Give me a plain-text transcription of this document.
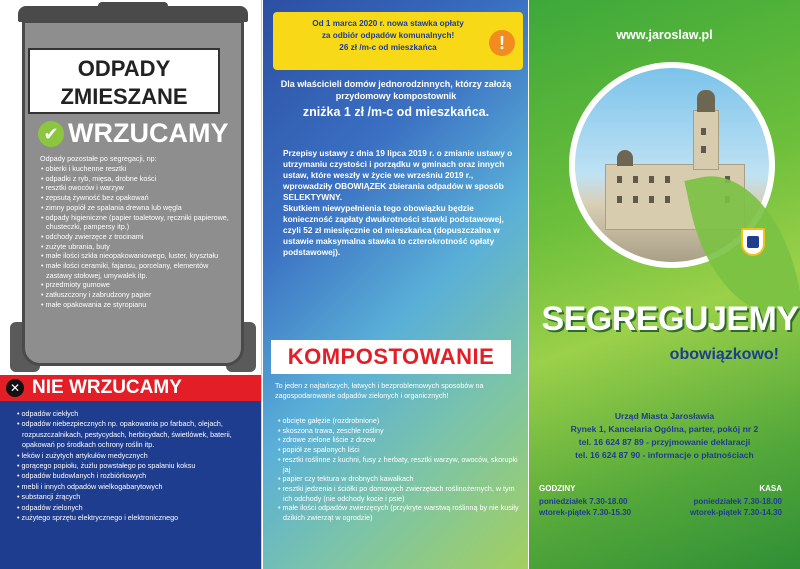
ODPADY
ZMIESZANE
✔ WRZUCAMY
Odpady pozostałe po segregacji, np:
• obierki i kuchenne resztki
• odpadki z ryb, mięsa, drobne kości
• resztki owoców i warzyw
• zepsutą żywność bez opakowań
• zimny popiół ze spalania drewna lub węgla
• odpady higieniczne (papier toaletowy, ręczniki papierowe, chusteczki, pampersy itp.)
• odchody zwierzęce z trocinami
• zużyte ubrania, buty
• małe ilości szkła nieopakowaniowego, luster, kryształu
• małe ilości ceramiki, fajansu, porcelany, elementów zastawy stołowej, umywalek itp.
• przedmioty gumowe
• zatłuszczony i zabrudzony papier
• małe opakowania ze styropianu
✕ NIE WRZUCAMY
• odpadów ciekłych
• odpadów niebezpiecznych np. opakowania po farbach, olejach, rozpuszczalnikach, pestycydach, herbicydach, świetlówek, baterii, opakowań po środkach ochrony roślin itp.
• leków i zużytych artykułów medycznych
• gorącego popiołu, żużlu powstałego po spalaniu koksu
• odpadów budowlanych i rozbiórkowych
• mebli i innych odpadów wielkogabarytowych
• substancji żrących
• odpadów zielonych
• zużytego sprzętu elektrycznego i elektronicznego
Od 1 marca 2020 r. nowa stawka opłaty
za odbiór odpadów komunalnych!
26 zł /m-c od mieszkańca	!
Dla właścicieli domów jednorodzinnych, którzy założą przydomowy kompostownik
zniżka 1 zł /m-c od mieszkańca.

Przepisy ustawy z dnia 19 lipca 2019 r. o zmianie ustawy o utrzymaniu czystości i porządku w gminach oraz innych ustaw, które weszły w życie we wrześniu 2019 r., wprowadziły OBOWIĄZEK zbierania odpadów w sposób SELEKTYWNY.

Skutkiem niewypełnienia tego obowiązku będzie konieczność zapłaty dwukrotności stawki podstawowej, czyli 52 zł miesięcznie od mieszkańca (dopuszczalna w ustawie maksymalna stawka to czterokrotność opłaty podstawowej).

KOMPOSTOWANIE
To jeden z najtańszych, łatwych i bezproblemowych sposobów na zagospodarowanie odpadów zielonych i organicznych!
• obcięte gałęzie (rozdrobnione)
• skoszona trawa, zeschłe rośliny
• zdrowe zielone liście z drzew
• popiół ze spalonych liści
• resztki roślinne z kuchni, fusy z herbaty, resztki warzyw, owoców, skorupki jaj
• papier czy tektura w drobnych kawałkach
• resztki jedzenia i ściółki po domowych zwierzętach roślinożernych, w tym ich odchody (nie odchody kocie i psie)
• małe ilości odpadów zwierzęcych (przykryte warstwą roślinną by nie kusiły dzikich zwierząt w ogrodzie)
www.jaroslaw.pl
SEGREGUJEMY
obowiązkowo!
Urząd Miasta Jarosławia
Rynek 1, Kancelaria Ogólna, parter, pokój nr 2
tel. 16 624 87 89 - przyjmowanie deklaracji
tel. 16 624 87 90 - informacje o płatnościach
GODZINY
poniedziałek 7.30-18.00
wtorek-piątek 7.30-15.30
KASA
poniedziałek 7.30-18.00
wtorek-piątek 7.30-14.30
